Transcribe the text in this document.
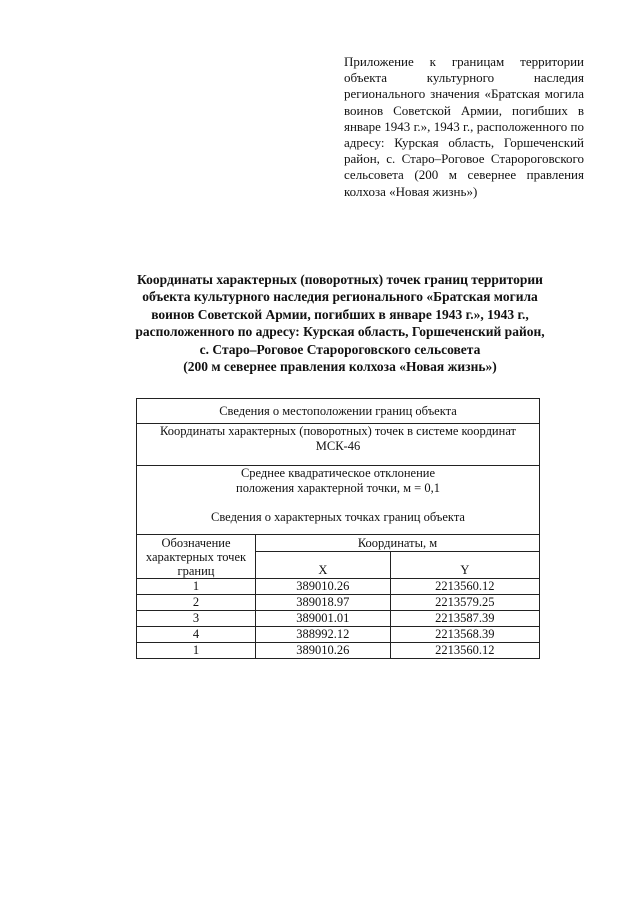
Приложение к границам территории объекта культурного наследия регионального значения «Братская могила воинов Советской Армии, погибших в январе 1943 г.», 1943 г., расположенного по адресу: Курская область, Горшеченский район, с. Старо–Роговое Старороговского сельсовета (200 м севернее правления колхоза «Новая жизнь»)
Координаты характерных (поворотных) точек границ территории
объекта культурного наследия регионального «Братская могила
воинов Советской Армии, погибших в январе 1943 г.», 1943 г.,
расположенного по адресу: Курская область, Горшеченский район,
с. Старо–Роговое Старороговского сельсовета
(200 м севернее правления колхоза «Новая жизнь»)
Сведения о местоположении границ объекта		
Координаты характерных (поворотных) точек в системе координат МСК-46		

Среднее квадратическое отклонение
положения характерной точки, м = 0,1
Сведения о характерных точках границ объекта		

Обозначение характерных точек границ	Координаты, м	
	X	Y
1	389010.26	2213560.12
2	389018.97	2213579.25
3	389001.01	2213587.39
4	388992.12	2213568.39
1	389010.26	2213560.12
